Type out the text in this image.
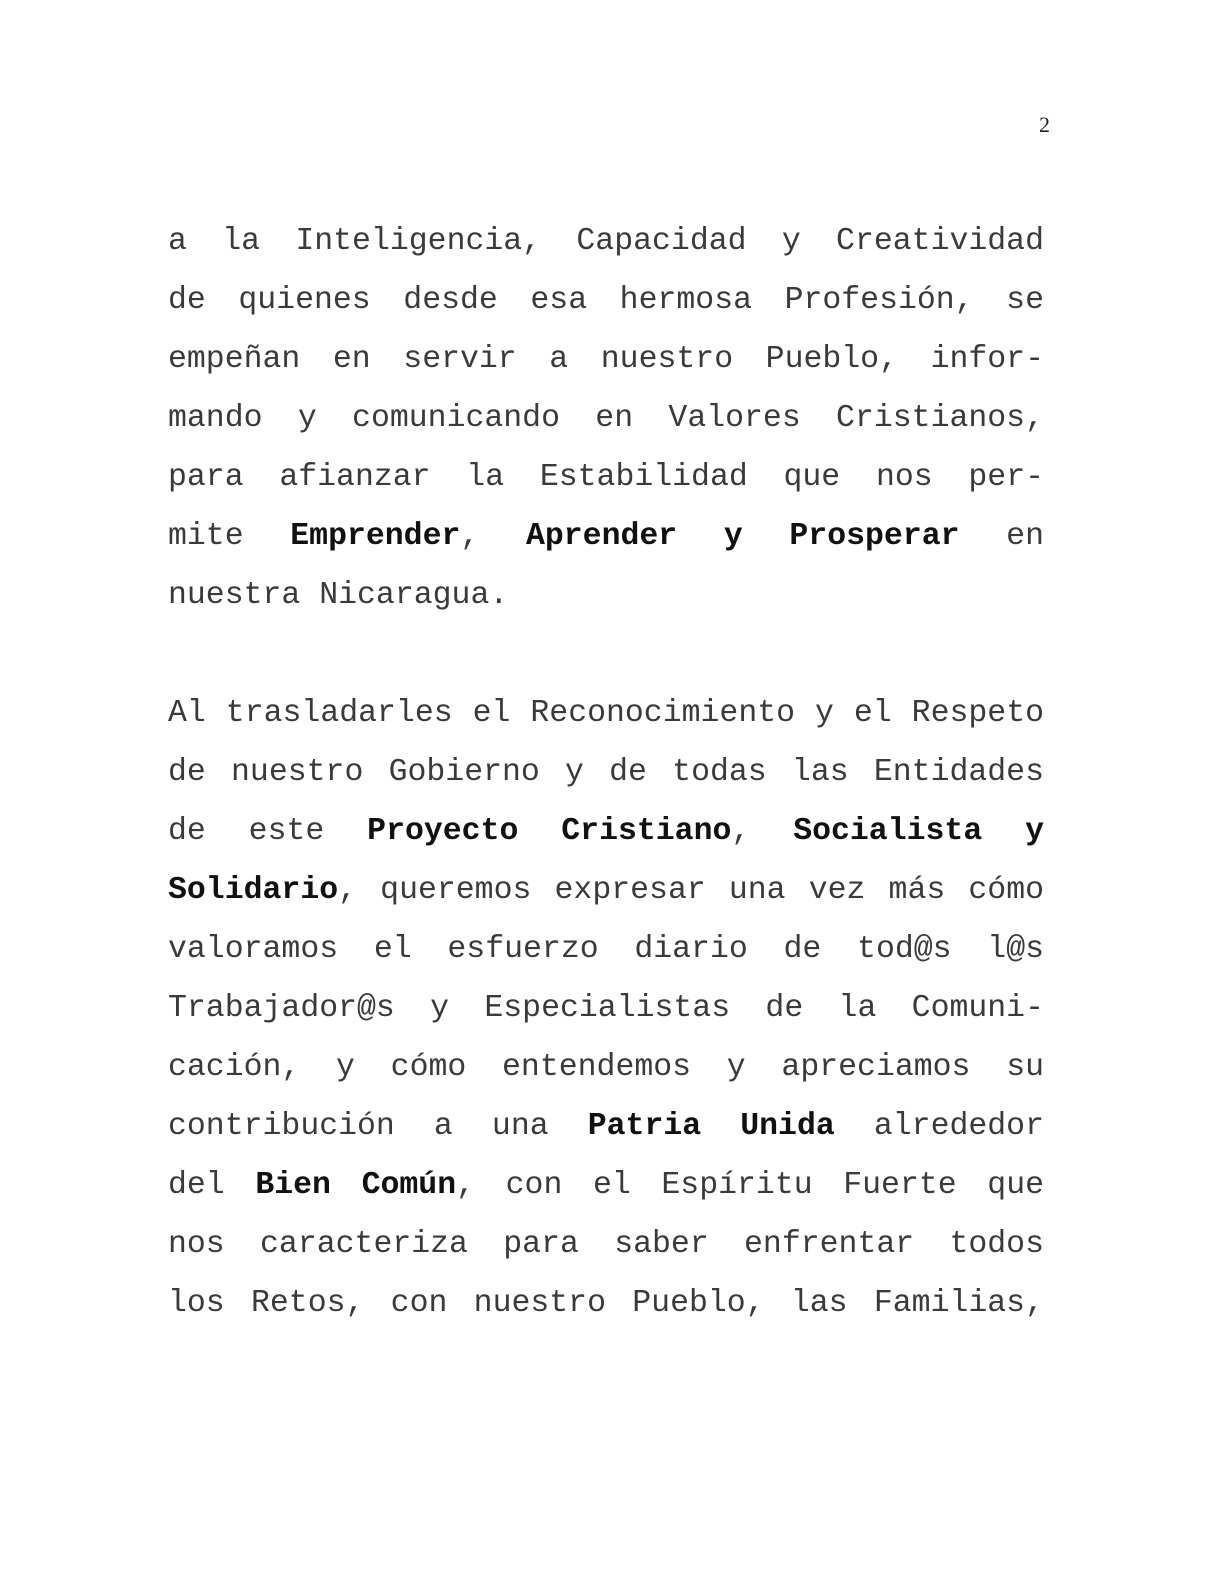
2
a la Inteligencia, Capacidad y Creatividad
de quienes desde esa hermosa Profesión, se
empeñan en servir a nuestro Pueblo, infor-
mando y comunicando en Valores Cristianos,
para afianzar la Estabilidad que nos per-
mite Emprender, Aprender y Prosperar en
nuestra Nicaragua.
Al trasladarles el Reconocimiento y el Respeto
de nuestro Gobierno y de todas las Entidades
de este Proyecto Cristiano, Socialista y
Solidario, queremos expresar una vez más cómo
valoramos el esfuerzo diario de tod@s l@s
Trabajador@s y Especialistas de la Comuni-
cación, y cómo entendemos y apreciamos su
contribución a una Patria Unida alrededor
del Bien Común, con el Espíritu Fuerte que
nos caracteriza para saber enfrentar todos
los Retos, con nuestro Pueblo, las Familias,
